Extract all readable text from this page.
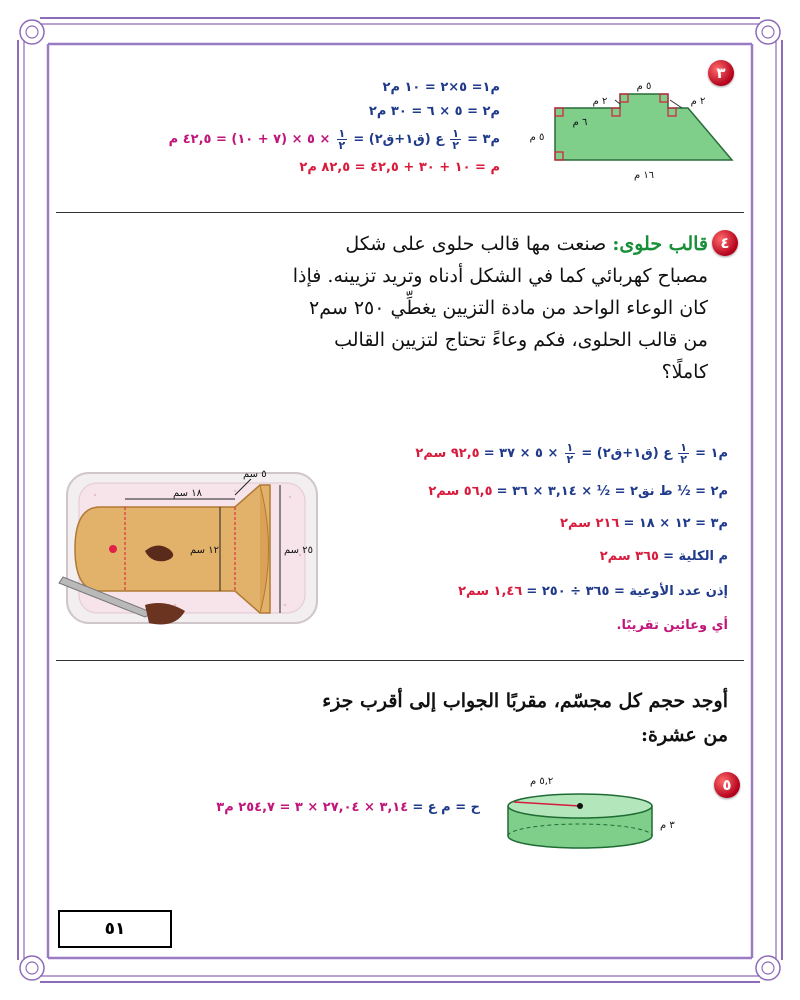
٣
٥ م
٢ م	٢ م
٦ م
٥ م
١٦ م
م١= ٥×٢ = ١٠ م٢
م٢ = ٥ × ٦ = ٣٠ م٢
م٣ =
$\frac{١}{٢}$
ع (ق١+ق٢) =
$\frac{١}{٢}$
× ٥ × (٧ + ١٠) = ٤٢,٥ م
م = ١٠ + ٣٠ + ٤٢,٥ = ٨٢,٥ م٢
٤
قالب حلوى: صنعت مها قالب حلوى على شكل
مصباح كهربائي كما في الشكل أدناه وتريد تزيينه. فإذا
كان الوعاء الواحد من مادة التزيين يغطِّي ٢٥٠ سم٢
من قالب الحلوى، فكم وعاءً تحتاج لتزيين القالب
كاملًا؟
م١ =
$\frac{١}{٢}$
ع (ق١+ق٢) =
$\frac{١}{٢}$
× ٥ × ٣٧ = ٩٢,٥ سم٢
م٢ = ½ ط نق٢ = ½ × ٣,١٤ × ٣٦ = ٥٦,٥ سم٢
م٣ = ١٢ × ١٨ = ٢١٦ سم٢
م الكلية = ٣٦٥ سم٢
إذن عدد الأوعية = ٣٦٥ ÷ ٢٥٠ = ١,٤٦ سم٢
أي وعائين تقريبًا.
٥ سم
١٨ سم
١٢ سم	٢٥ سم
أوجد حجم كل مجسّم، مقربًا الجواب إلى أقرب جزء
من عشرة:
٥
٥,٢ م
٣ م
ح = م ع = ٣,١٤ × ٢٧,٠٤ × ٣ = ٢٥٤,٧ م٣
٥١
